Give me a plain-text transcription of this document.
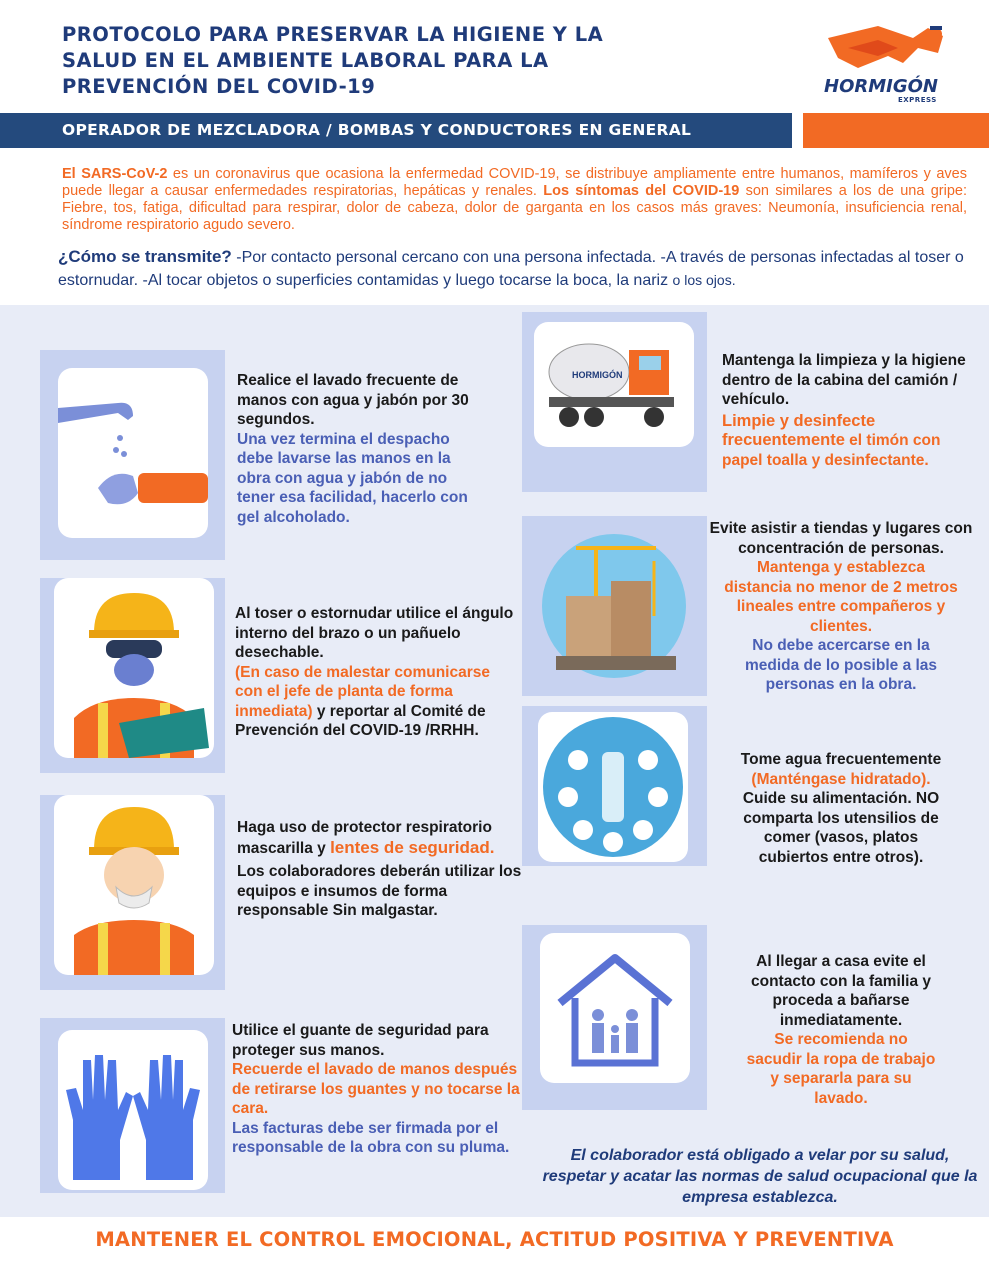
PROTOCOLO PARA PRESERVAR LA HIGIENE Y LA
SALUD EN EL AMBIENTE LABORAL PARA LA
PREVENCIÓN DEL COVID-19	HORMIGÓN
EXPRESS
OPERADOR DE MEZCLADORA / BOMBAS Y CONDUCTORES EN GENERAL
El SARS-CoV-2 es un coronavirus que ocasiona la enfermedad COVID-19, se distribuye ampliamente entre humanos, mamíferos y aves puede llegar a causar enfermedades respiratorias, hepáticas y renales. Los síntomas del COVID-19 son similares a los de una gripe: Fiebre, tos, fatiga, dificultad para respirar, dolor de cabeza, dolor de garganta en los casos más graves: Neumonía, insuficiencia renal, síndrome respiratorio agudo severo.
¿Cómo se transmite? -Por contacto personal cercano con una persona infectada. -A través de personas infectadas al toser o estornudar. -Al tocar objetos o superficies contamidas y luego tocarse la boca, la nariz o los ojos.
Realice el lavado frecuente de manos con agua y jabón por 30 segundos.
Una vez termina el despacho debe lavarse las manos en la obra con agua y jabón de no tener esa facilidad, hacerlo con gel alcoholado.
Al toser o estornudar utilice el ángulo interno del brazo o un pañuelo desechable.
(En caso de malestar comunicarse con el jefe de planta de forma inmediata) y reportar al Comité de Prevención del COVID-19 /RRHH.
Haga uso de protector respiratorio mascarilla y lentes de seguridad.
Los colaboradores deberán utilizar los equipos e insumos de forma responsable Sin malgastar.
Utilice el guante de seguridad para proteger sus manos.
Recuerde el lavado de manos después de retirarse los guantes y no tocarse la cara.
Las facturas debe ser firmada por el responsable de la obra con su pluma.
HORMIGÓN
Mantenga la limpieza y la higiene dentro de la cabina del camión / vehículo.
Limpie y desinfecte frecuentemente el timón con papel toalla y desinfectante.
Evite asistir a tiendas y lugares con concentración de personas.
Mantenga y establezca distancia no menor de 2 metros lineales entre compañeros y clientes.
No debe acercarse en la medida de lo posible a las personas en la obra.
Tome agua frecuentemente
(Manténgase hidratado).
Cuide su alimentación. NO comparta los utensilios de comer (vasos, platos cubiertos entre otros).
Al llegar a casa evite el contacto con la familia y proceda a bañarse inmediatamente.
Se recomienda no sacudir la ropa de trabajo y separarla para su lavado.
El colaborador está obligado a velar por su salud, respetar y acatar las normas de salud ocupacional que la empresa establezca.
MANTENER EL CONTROL EMOCIONAL, ACTITUD POSITIVA Y PREVENTIVA
